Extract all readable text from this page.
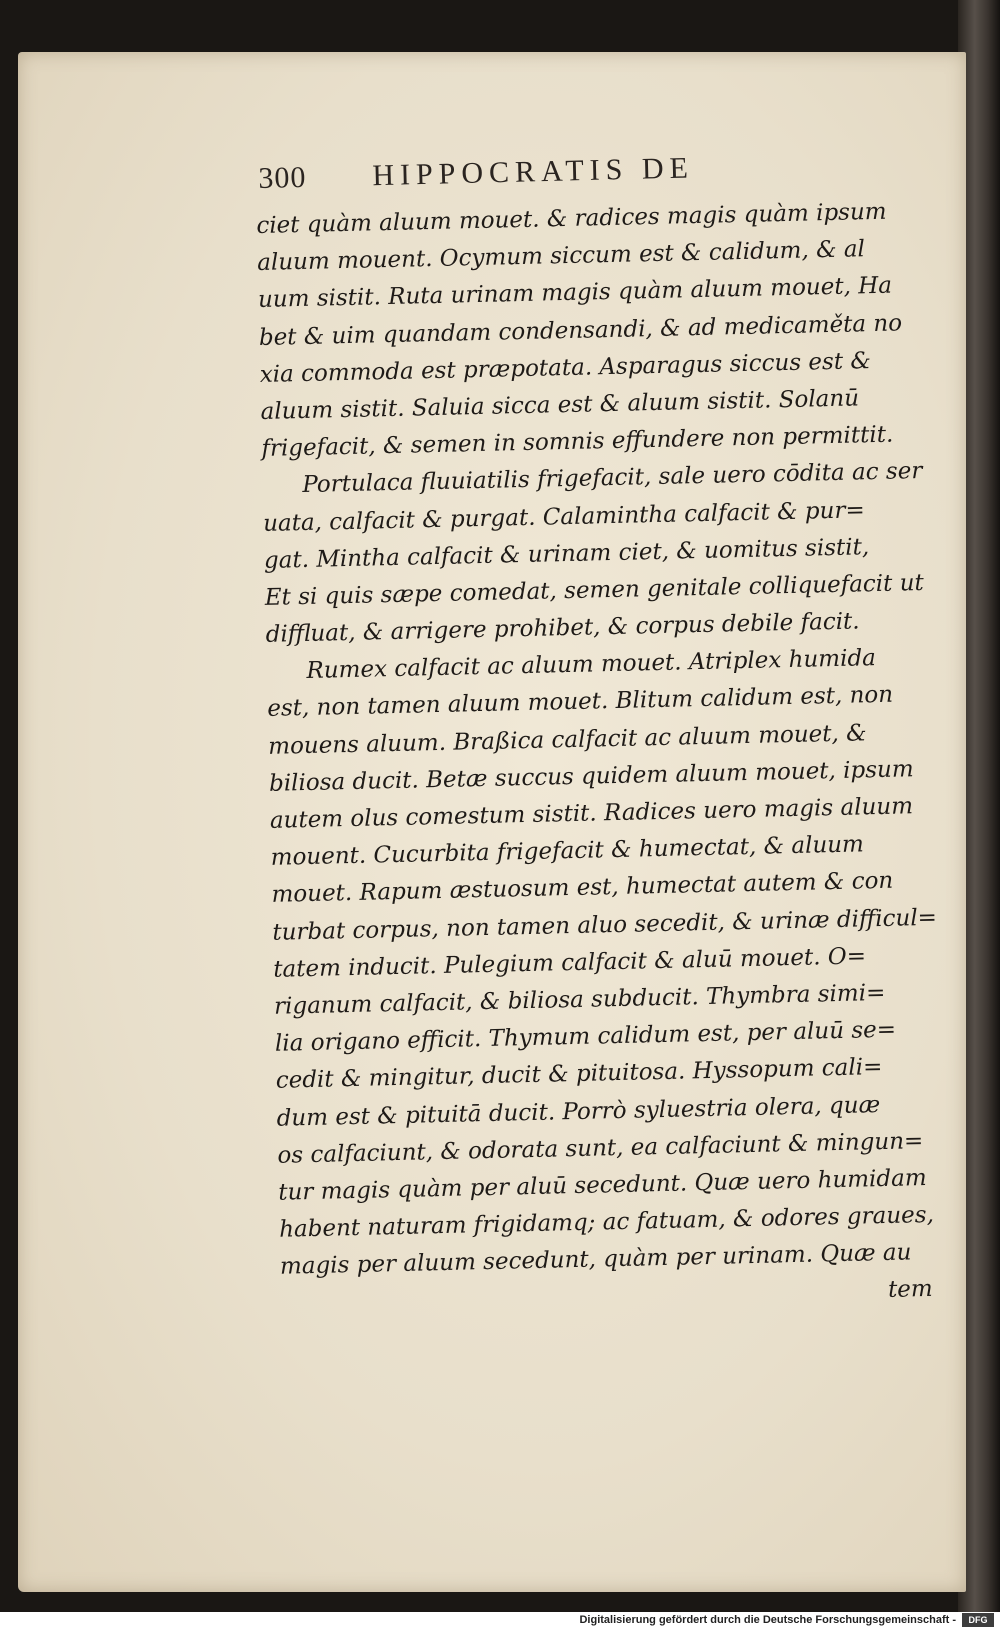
300 HIPPOCRATIS DE
ciet quàm aluum mouet. & radices magis quàm ipsum
aluum mouent. Ocymum siccum est & calidum, & al
uum sistit. Ruta urinam magis quàm aluum mouet, Ha
bet & uim quandam condensandi, & ad medicaměta no
xia commoda est præpotata. Asparagus siccus est &
aluum sistit. Saluia sicca est & aluum sistit. Solanū
frigefacit, & semen in somnis effundere non permittit.
Portulaca fluuiatilis frigefacit, sale uero cōdita ac ser
uata, calfacit & purgat. Calamintha calfacit & pur=
gat. Mintha calfacit & urinam ciet, & uomitus sistit,
Et si quis sæpe comedat, semen genitale colliquefacit ut
diffluat, & arrigere prohibet, & corpus debile facit.
Rumex calfacit ac aluum mouet. Atriplex humida
est, non tamen aluum mouet. Blitum calidum est, non
mouens aluum. Braßica calfacit ac aluum mouet, &
biliosa ducit. Betæ succus quidem aluum mouet, ipsum
autem olus comestum sistit. Radices uero magis aluum
mouent. Cucurbita frigefacit & humectat, & aluum
mouet. Rapum æstuosum est, humectat autem & con
turbat corpus, non tamen aluo secedit, & urinæ difficul=
tatem inducit. Pulegium calfacit & aluū mouet. O=
riganum calfacit, & biliosa subducit. Thymbra simi=
lia origano efficit. Thymum calidum est, per aluū se=
cedit & mingitur, ducit & pituitosa. Hyssopum cali=
dum est & pituitā ducit. Porrò syluestria olera, quæ
os calfaciunt, & odorata sunt, ea calfaciunt & mingun=
tur magis quàm per aluū secedunt. Quæ uero humidam
habent naturam frigidamq; ac fatuam, & odores graues,
magis per aluum secedunt, quàm per urinam. Quæ au
tem
Digitalisierung gefördert durch die Deutsche Forschungsgemeinschaft -	DFG
